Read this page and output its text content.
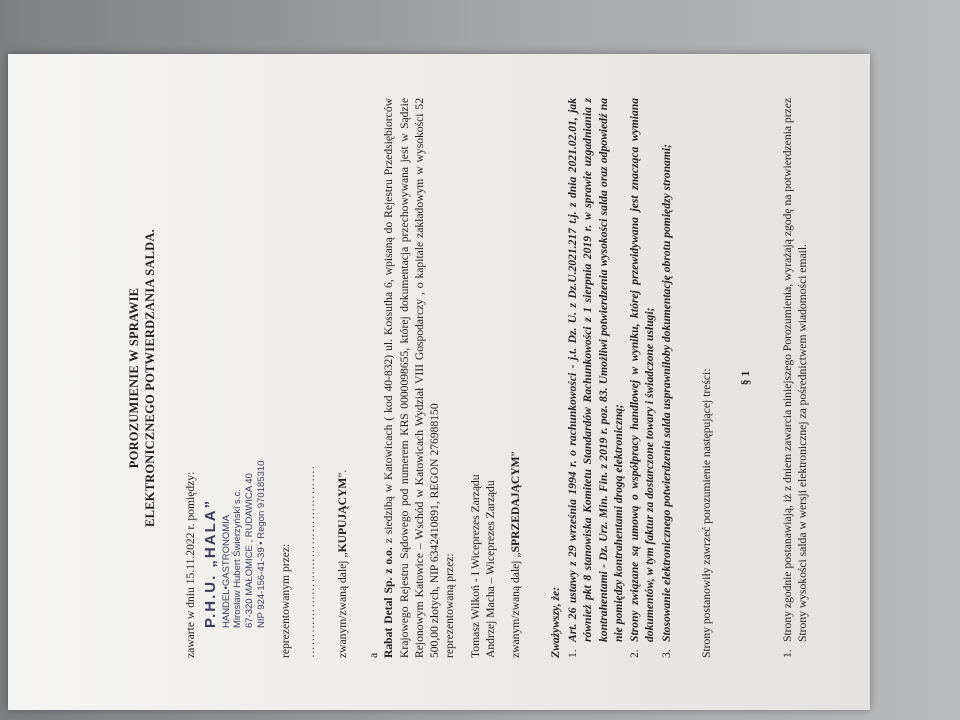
POROZUMIENIE W SPRAWIE ELEKTRONICZNEGO POTWIERDZANIA SALDA.

zawarte w dniu 15.11.2022 r. pomiędzy: P.H.U. „HALA” HANDEL•GASTRONOMIA Mirosław Hubert Świerzyński s.c. 67-320 MAŁOMICE , RUDAWICA 40 NIP 924-156-41-39 • Regon 970185310 reprezentowanym przez: ………………………………………. zwanym/zwaną dalej „KUPUJĄCYM”.

a Rabat Detal Sp. z o.o. z siedzibą w Katowicach ( kod 40-832) ul. Kossutha 6, wpisaną do Rejestru Przedsiębiorców Krajowego Rejestru Sądowego pod numerem KRS 0000098655, której dokumentacja przechowywana jest w Sądzie Rejonowym Katowice – Wschód w Katowicach Wydział VIII Gospodarczy , o kapitale zakładowym w wysokości 52 500,00 złotych, NIP 6342410891, REGON 276988150 reprezentowaną przez: Tomasz Wilkoń - I Wiceprezes Zarządu Andrzej Macha – Wiceprezes Zarządu zwanym/zwaną dalej „SPRZEDAJĄCYM”

Zważywszy, że: 1.
Art. 26 ustawy z 29 września 1994 r. o rachunkowości - j.t. Dz. U. z Dz.U.2021.217 t.j. z dnia 2021.02.01, jak również pkt 8 stanowiska Komitetu Standardów Rachunkowości z 1 sierpnia 2019 r. w sprawie uzgadniania z kontrahentami - Dz. Urz. Min. Fin. z 2019 r. poz. 83. Umożliwi potwierdzenia wysokości salda oraz odpowiedź na nie pomiędzy kontrahentami drogą elektroniczną;
2.
Strony związane są umową o współpracy handlowej w wyniku, której przewidywana jest znacząca wymiana dokumentów, w tym faktur za dostarczone towary i świadczone usługi;
3.
Stosowanie elektronicznego potwierdzenia salda usprawniłoby dokumentację obrotu pomiędzy stronami; Strony postanowiły zawrzeć porozumienie następującej treści: § 1

1.
Strony zgodnie postanawiają, iż z dniem zawarcia niniejszego Porozumienia, wyrażają zgodę na potwierdzenia przez Strony wysokości salda w wersji elektronicznej za pośrednictwem wiadomości email.
